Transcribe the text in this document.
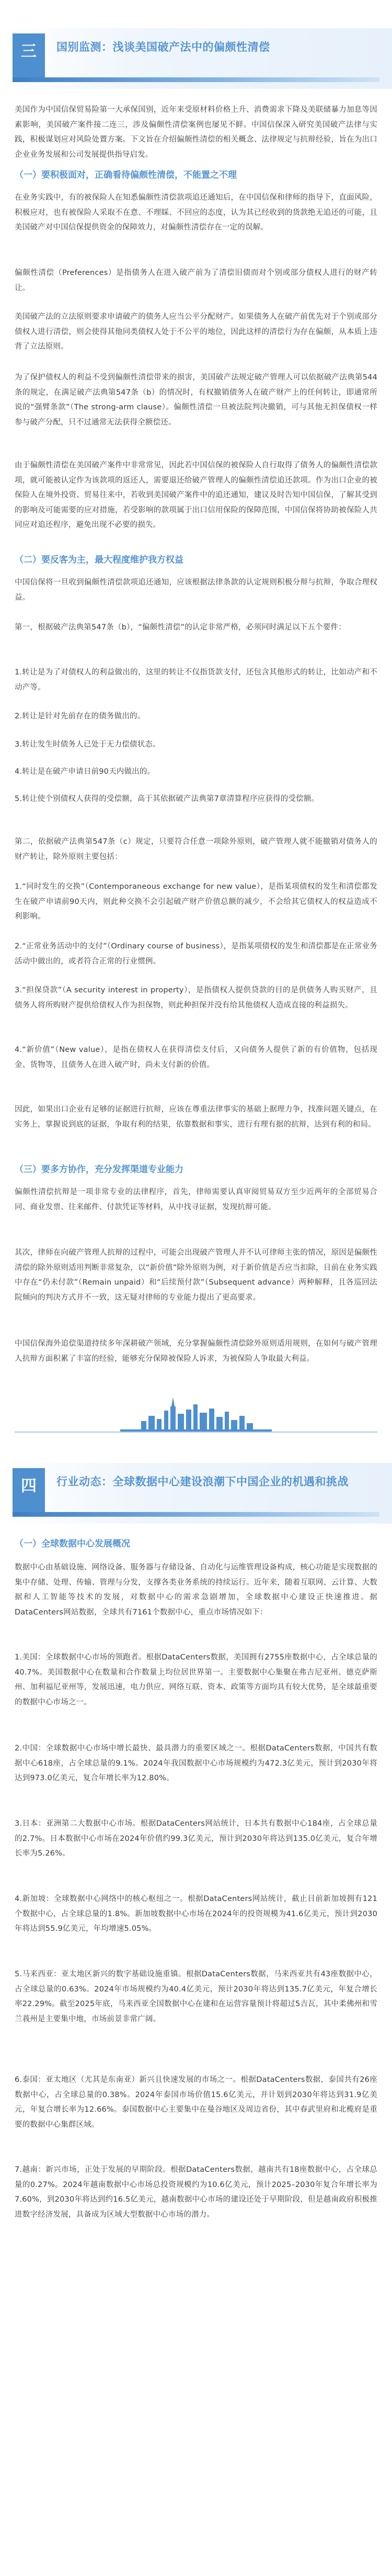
三	国别监测：浅谈美国破产法中的偏颇性清偿
美国作为中国信保贸易险第一大承保国别，近年来受原材料价格上升、消费需求下降及美联储暴力加息等因素影响，美国破产案件接二连三，涉及偏颇性清偿案例也屡见不鲜。中国信保深入研究美国破产法律与实践，积极谋划应对风险处置方案。下文旨在介绍偏颇性清偿的相关概念、法律规定与抗辩经验，旨在为出口企业业务发展和公司发展提供指导启发。
（一）要积极面对，正确看待偏颇性清偿，不能置之不理
在业务实践中，有的被保险人在知悉偏颇性清偿款项追还通知后，在中国信保和律师的指导下，直面风险，积极应对，也有被保险人采取不在意、不理睬、不回应的态度，认为其已经收到的货款绝无追还的可能，且美国破产对中国信保提供资金的保障效力，对偏颇性清偿存在一定的误解。
偏颇性清偿（Preferences）是指债务人在进入破产前为了清偿旧债而对个别或部分债权人进行的财产转让。
美国破产法的立法原则要求申请破产的债务人应当公平分配财产。如果债务人在破产前优先对于个别或部分债权人进行清偿，则会使得其他同类债权人处于不公平的地位，因此这样的清偿行为存在偏颇，从本质上违背了立法原则。
为了保护债权人的利益不受到偏颇性清偿带来的损害，美国破产法规定破产管理人可以依据破产法典第544条的规定，在满足破产法典第547条（b）的情况时，有权撤销债务人在破产财产上的任何转让，即通常所说的“强臂条款”（The strong-arm clause）。偏颇性清偿一旦被法院判决撤销，可与其他无担保债权一样参与破产分配，只不过通常无法获得全额偿还。
由于偏颇性清偿在美国破产案件中非常常见，因此若中国信保的被保险人自行取得了债务人的偏颇性清偿款项，就可能被认定作为该款项的返还人，需要退还给破产管理人的偏颇性清偿追还款项。作为出口企业的被保险人在境外投资、贸易往来中，若收到美国破产案件中的追还通知，建议及时告知中国信保，了解其受到的影响及可能需要的应对措施，若受影响的款项属于出口信用保险的保障范围，中国信保将协助被保险人共同应对追还程序，避免出现不必要的损失。
（二）要反客为主，最大程度维护我方权益
中国信保将一旦收到偏颇性清偿款项追还通知，应该根据法律条款的认定规则积极分辩与抗辩，争取合理权益。
第一，根据破产法典第547条（b），“偏颇性清偿”的认定非常严格，必须同时满足以下五个要件：
1.转让是为了对债权人的利益做出的，这里的转让不仅指货款支付，还包含其他形式的转让，比如动产和不动产等。
2.转让是针对先前存在的债务做出的。
3.转让发生时债务人已处于无力偿债状态。
4.转让是在破产申请日前90天内做出的。
5.转让使个别债权人获得的受偿额，高于其依据破产法典第7章清算程序应获得的受偿额。
第二，依据破产法典第547条（c）规定，只要符合任意一项除外原则，破产管理人就不能撤销对债务人的财产转让，除外原则主要包括：
1.“同时发生的交换”（Contemporaneous exchange for new value），是指某项债权的发生和清偿都发生在破产申请前90天内，则此种交换不会引起破产财产价值总额的减少，不会给其它债权人的权益造成不利影响。
2.“正常业务活动中的支付”（Ordinary course of business），是指某项债权的发生和清偿都是在正常业务活动中做出的，或者符合正常的行业惯例。
3.“担保贷款”（A security interest in property），是指债权人提供贷款的目的是供债务人购买财产，且债务人将所购财产提供给债权人作为担保物，则此种担保并没有给其他债权人造成直接的利益损失。
4.“新价值”（New value），是指在债权人在获得清偿支付后，又向债务人提供了新的有价值物，包括现金、货物等，且债务人在进入破产时，尚未支付新的价值。
因此，如果出口企业有足够的证据进行抗辩，应该在尊重法律事实的基础上据理力争，找准问题关键点，在实务上，掌握说到底的证据，争取有利的结果，依靠数据和事实，进行有理有据的抗辩，达到有利的和局。
（三）要多方协作，充分发挥渠道专业能力
偏颇性清偿抗辩是一项非常专业的法律程序，首先，律师需要认真审阅贸易双方至少近两年的全部贸易合同、商业发票、往来邮件、付款凭证等材料，从中找寻证据，发现抗辩可能。
其次，律师在向破产管理人抗辩的过程中，可能会出现破产管理人并不认可律师主张的情况，原因是偏颇性清偿的除外原则适用判断非常复杂，以“新价值”除外原则为例，对于新价值是否应当扣除，目前在业务实践中存在“仍未付款”（Remain unpaid）和“后续预付款”（Subsequent advance）两种解释，且各巡回法院倾向的判决方式并不一致，这无疑对律师的专业能力提出了更高要求。
中国信保海外追偿渠道持续多年深耕破产领域，充分掌握偏颇性清偿除外原则适用规则，在如何与破产管理人抗辩方面积累了丰富的经验，能够充分保障被保险人诉求，为被保险人争取最大利益。
四	行业动态：全球数据中心建设浪潮下中国企业的机遇和挑战
（一）全球数据中心发展概况
数据中心由基础设施、网络设备、服务器与存储设备、自动化与运维管理设备构成，核心功能是实现数据的集中存储、处理、传输、管理与分发，支撑各类业务系统的持续运行。近年来，随着互联网、云计算、大数据和人工智能等技术的发展，对数据中心的需求急剧增加，全球数据中心建设正快速推进。据DataCenters网站数据，全球共有7161个数据中心，重点市场情况如下：
1.美国：全球数据中心市场的领跑者。根据DataCenters数据，美国拥有2755座数据中心，占全球总量的40.7%。美国数据中心在数量和合作数量上均位居世界第一。主要数据中心集聚在弗吉尼亚州、德克萨斯州、加利福尼亚州等，发展迅速，电力供应、网络互联、资本、政策等方面均具有较大优势，是全球最重要的数据中心市场之一。
2.中国：全球数据中心市场中增长最快、最具潜力的重要区域之一。根据DataCenters数据，中国共有数据中心618座，占全球总量的9.1%。2024年我国数据中心市场规模约为472.3亿美元，预计到2030年将达到973.0亿美元，复合年增长率为12.80%。
3.日本：亚洲第二大数据中心市场。根据DataCenters网站统计，日本共有数据中心184座，占全球总量的2.7%。日本数据中心市场在2024年价值约99.3亿美元，预计到2030年将达到135.0亿美元，复合年增长率为5.26%。
4.新加坡：全球数据中心网络中的核心枢纽之一。根据DataCenters网站统计，截止目前新加坡拥有121个数据中心，占全球总量的1.8%。新加坡数据中心市场在2024年的投资规模为41.6亿美元，预计到2030年将达到55.9亿美元，年均增速5.05%。
5.马来西亚：亚太地区新兴的数字基础设施重镇。根据DataCenters数据，马来西亚共有43座数据中心，占全球总量的0.63%。2024年市场规模约为40.4亿美元，预计2030年将达到135.7亿美元，年复合增长率22.29%。截至2025年底，马来西亚全国数据中心在建和在运营容量预计将超过5吉瓦，其中柔佛州和雪兰莪州是主要集中地，市场前景非常广阔。
6.泰国：亚太地区（尤其是东南亚）新兴且快速发展的市场之一。根据DataCenters数据，泰国共有26座数据中心，占全球总量的0.38%。2024年泰国市场价值15.6亿美元，并计划到2030年将达到31.9亿美元，年复合增长率为12.66%。泰国数据中心主要集中在曼谷地区及周边省份，其中春武里府和北榄府是重要的数据中心集群区域。
7.越南：新兴市场，正处于发展的早期阶段。根据DataCenters数据，越南共有18座数据中心，占全球总量的0.27%。2024年越南数据中心市场总投资规模约为10.6亿美元，预计2025–2030年复合年增长率为7.60%，到2030年将达到约16.5亿美元，越南数据中心市场的建设还处于早期阶段，但是越南政府积极推进数字经济发展，具备成为区域大型数据中心市场的潜力。
